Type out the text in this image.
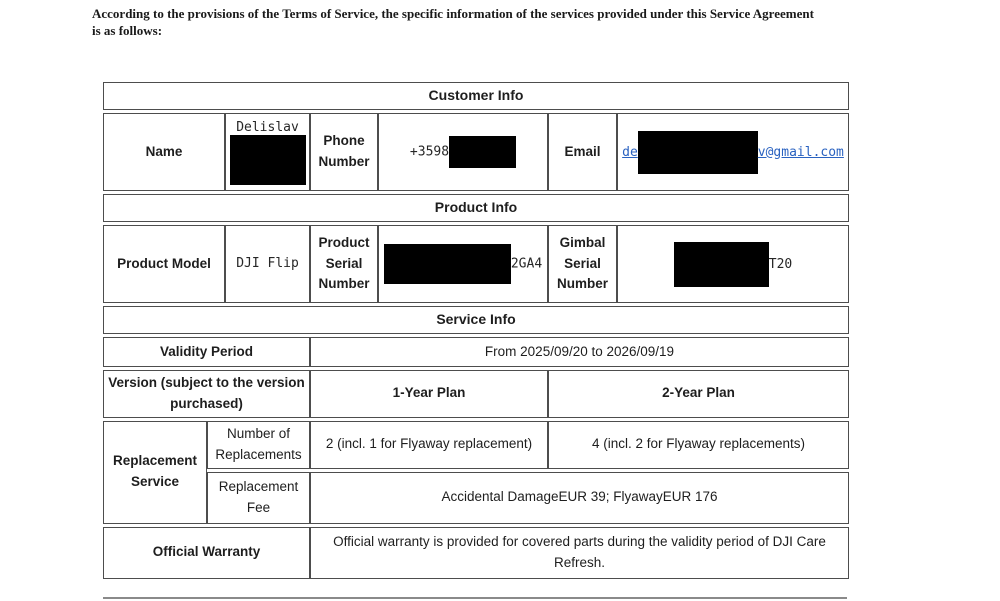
According to the provisions of the Terms of Service, the specific information of the services provided under this Service Agreement is as follows:

Customer Info						
Name		Delislav	Phone Number	+3598	Email	de v@gmail.com
Product Info						
Product Model		DJI Flip	Product Serial Number	2GA4	Gimbal Serial Number	T20
Service Info						
Validity Period			From 2025/09/20 to 2026/09/19			
Version (subject to the version purchased)			1-Year Plan		2-Year Plan	
Replacement Service	Number of Replacements		2 (incl. 1 for Flyaway replacement)		4 (incl. 2 for Flyaway replacements)	
	Replacement Fee		Accidental DamageEUR 39; FlyawayEUR 176			
Official Warranty			Official warranty is provided for covered parts during the validity period of DJI Care Refresh.			
